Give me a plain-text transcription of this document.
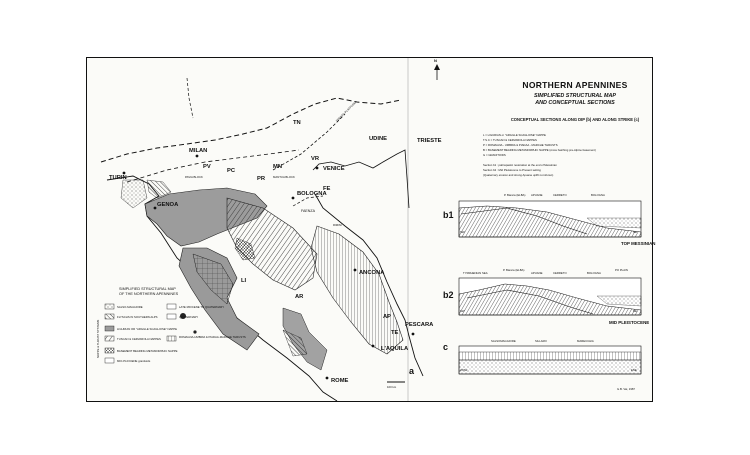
TURIN
MILAN
VENICE
UDINE	TRIESTE
GENOA
BOLOGNA
ANCONA
PESCARA
L'AQUILA
ROME
FAENZA
TN
VR
MN
PV
PC
PR
FE
PAVIA BLOCK	MANTUA BLOCK
TRENTO PLATFORM
LI
AR
AP
TE
RIMINI
a
100 km
SIMPLIFIED STRUCTURAL MAP
OF THE NORTHERN APENNINES
NAPPE & THRUST SYSTEMS
SALSO-MAGGIORE	LATE MIOCENE TO QUATERNARY
FLYSCHS IN SOUTHERN ALPS	QUATERNARY
LIGURIAN OR "ARGILLE SCAGLIOSE" NAPPE
TUSCAN & CERVAROLA NAPPES	ROMAGNA-UMBRIA & PIADAA-MARCHE THRUSTS
BASEMENT BEARING METAMORPHIC NAPPE
MIO-PLIOCENE granitoids
N
NORTHERN APENNINES
SIMPLIFIED STRUCTURAL MAP
AND CONCEPTUAL SECTIONS
CONCEPTUAL SECTIONS ALONG DIP (b) AND ALONG STRIKE (c)
L = LIGURIAN or "ARGILLE SCAGLIOSE" NAPPE
T.S.C = TUSCAN & CERVAROLA NAPPES
P = ROMAGNA - UMBRIA & PIADAA - MARCHE THRUSTS
B = BASEMENT BEARING METAMORPHIC NAPPE (cross hatching pre-Alpine basement)
G = GRANITOIDS
Section b1 : palinspastic restoration at the end of Messinian
Section b2 : Mid Pleistocene to Present setting
(Quaternary erosion and strong Apuane uplift not shown)
b1
P. Bianca (ELBA) APUANE	CERRETO	BOLOGNA
SW	NE
TOP MESSINIAN
b2
TYRRHENIAN SEA
P. Bianca (ELBA)
APUANE	CERRETO	BOLOGNA
PO PLAIN
SW	NE
MID PLEISTOCENE
c
SALSOMAGGIORE	SILLARO	MARECCHIA
WNW	ENE
G.B. Vai, 1987
